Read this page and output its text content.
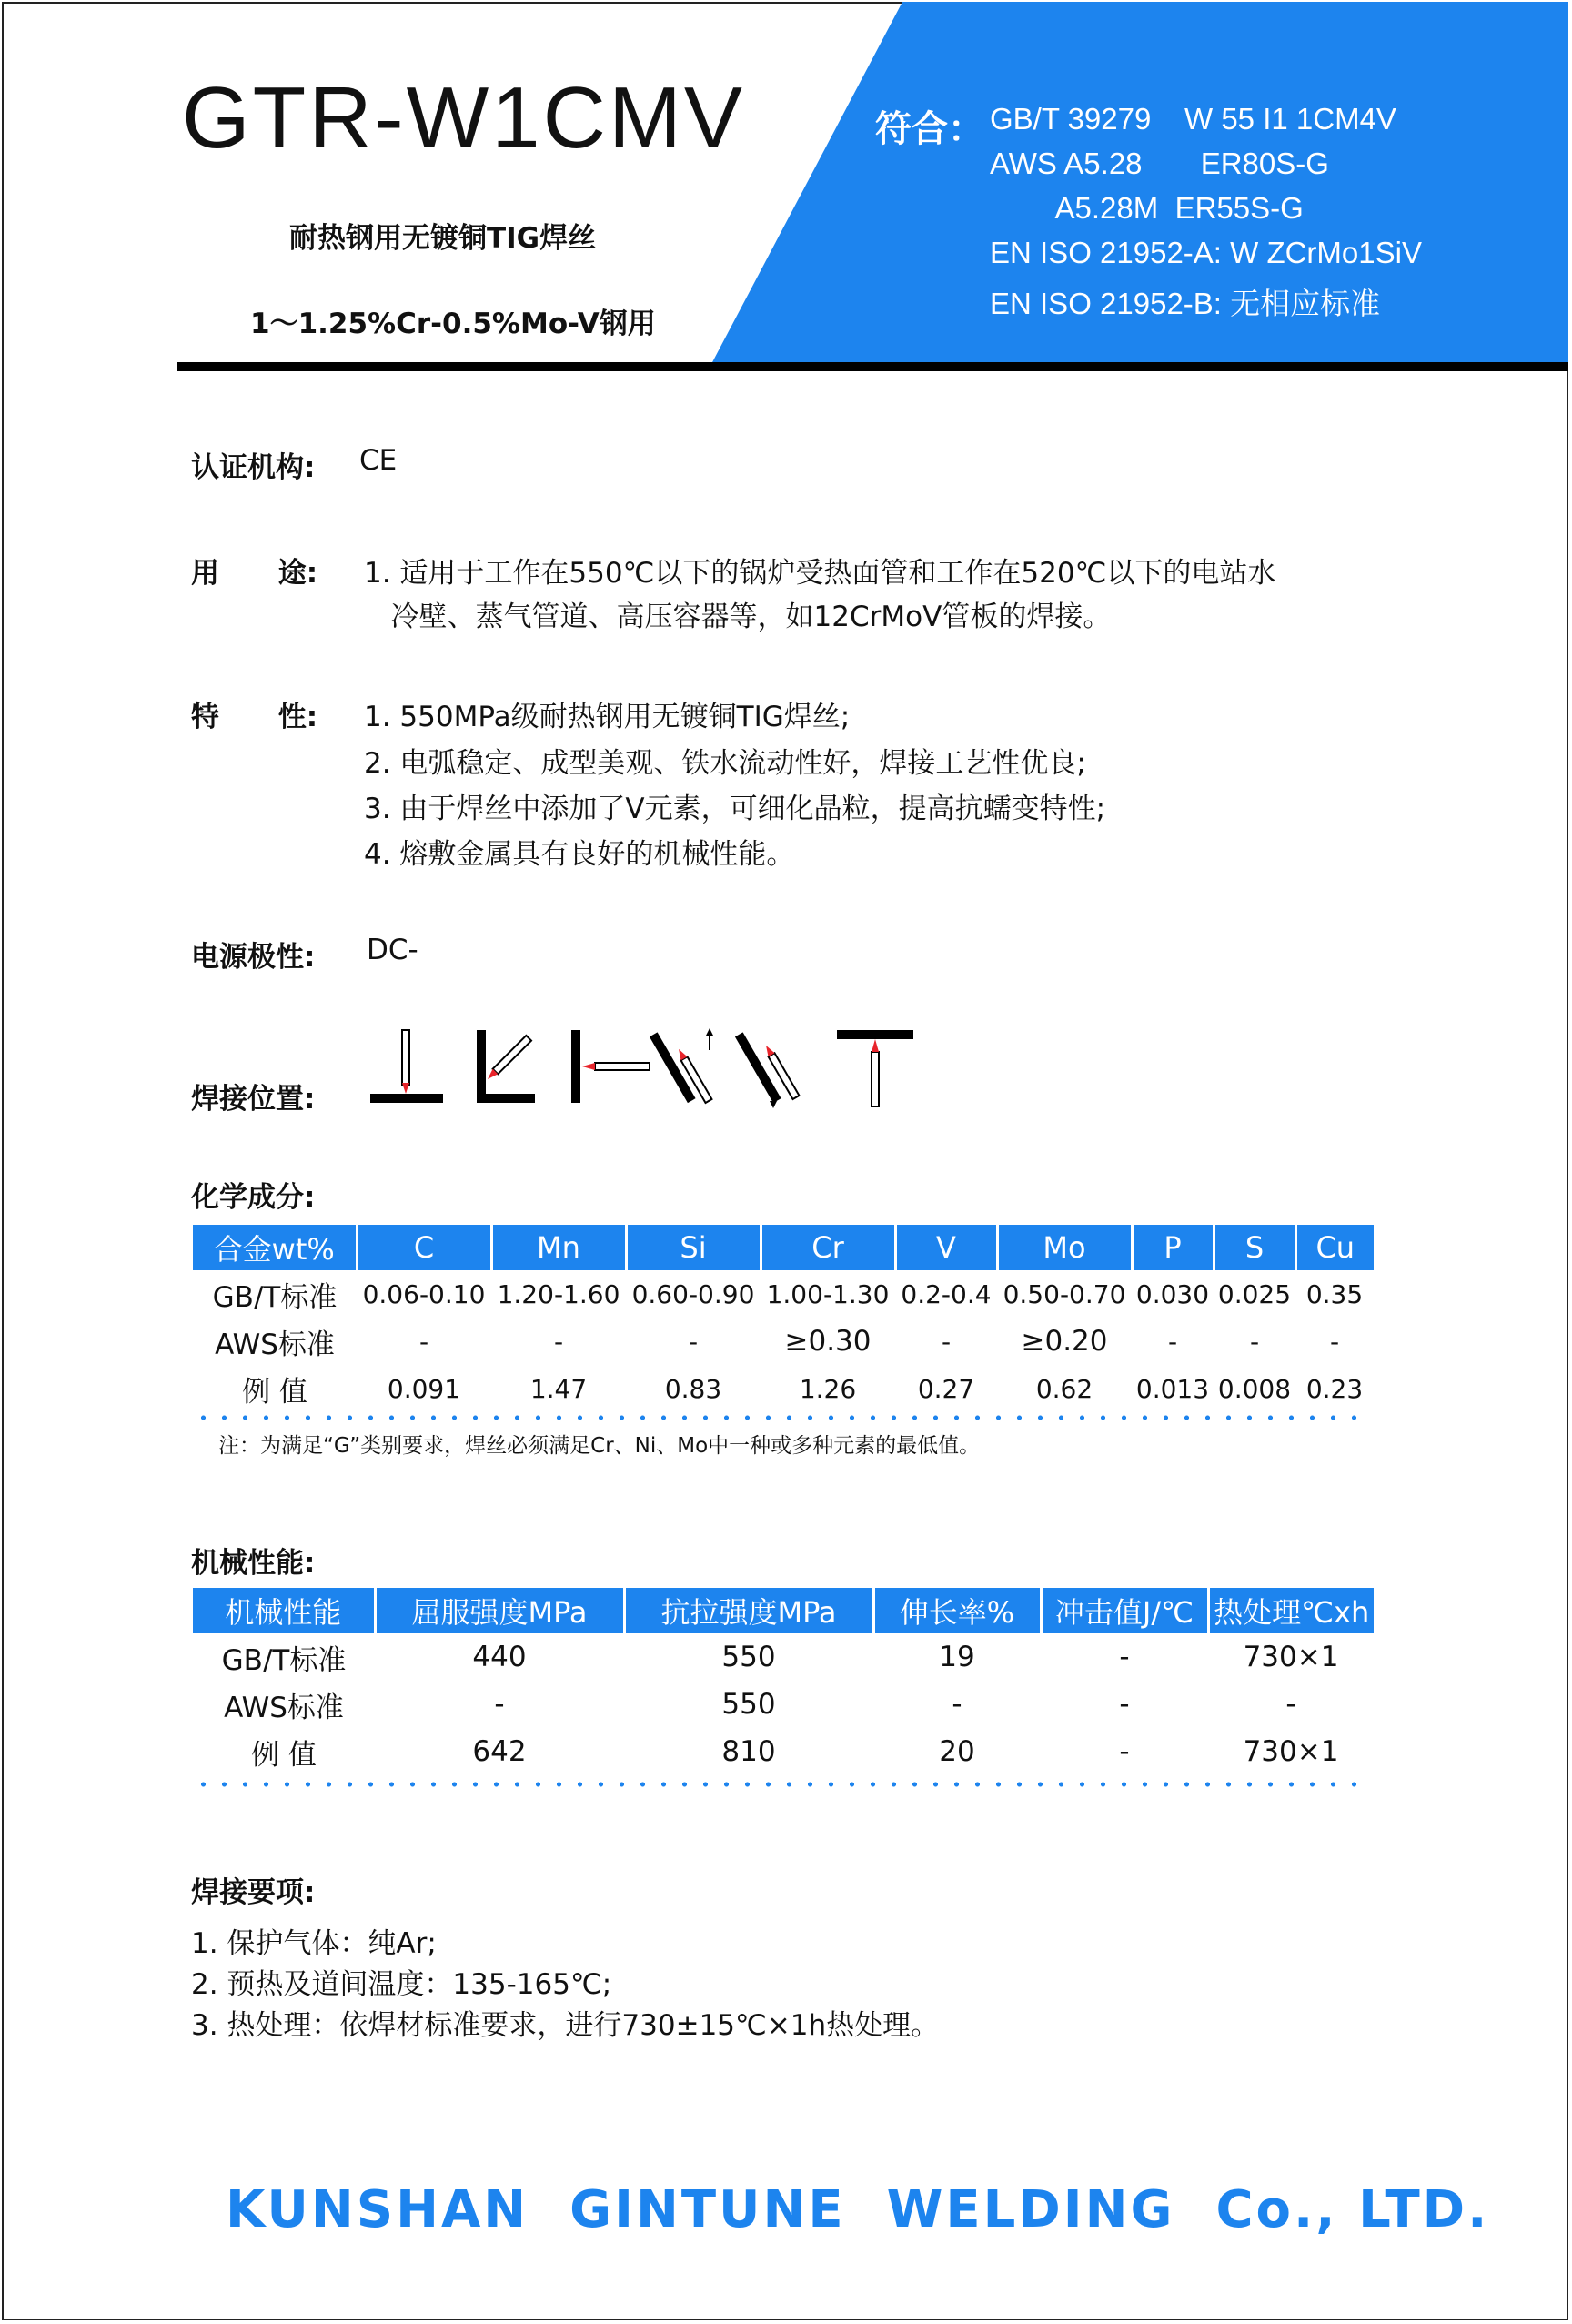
GTR-W1CMV
耐热钢用无镀铜TIG焊丝
1～1.25%Cr-0.5%Mo-V钢用
符合： GB/T 39279    W 55 I1 1CM4V
AWS A5.28       ER80S-G
A5.28M  ER55S-G
EN ISO 21952-A: W ZCrMo1SiV
EN ISO 21952-B: 无相应标准
认证机构: CE
用      途: 1. 适用于工作在550℃以下的锅炉受热面管和工作在520℃以下的电站水
冷壁、蒸气管道、高压容器等，如12CrMoV管板的焊接。
特      性: 1. 550MPa级耐热钢用无镀铜TIG焊丝;
2. 电弧稳定、成型美观、铁水流动性好，焊接工艺性优良;
3. 由于焊丝中添加了V元素，可细化晶粒，提高抗蠕变特性;
4. 熔敷金属具有良好的机械性能。
电源极性: DC-
焊接位置:
化学成分:
合金wt%	C	Mn	Si	Cr	V	Mo	P	S	Cu
GB/T标准	0.06-0.10	1.20-1.60	0.60-0.90	1.00-1.30	0.2-0.4	0.50-0.70	0.030	0.025	0.35
AWS标准	-	-	-	≥0.30	-	≥0.20	-	-	-
例 值	0.091	1.47	0.83	1.26	0.27	0.62	0.013	0.008	0.23
注：为满足“G”类别要求，焊丝必须满足Cr、Ni、Mo中一种或多种元素的最低值。
机械性能:
机械性能	屈服强度MPa	抗拉强度MPa	伸长率%	冲击值J/℃	热处理℃xh
GB/T标准	440	550	19	-	730×1
AWS标准	-	550	-	-	-
例 值	642	810	20	-	730×1
焊接要项:
1. 保护气体：纯Ar;
2. 预热及道间温度：135-165℃;
3. 热处理：依焊材标准要求，进行730±15℃×1h热处理。
KUNSHAN  GINTUNE  WELDING  Co., LTD.
